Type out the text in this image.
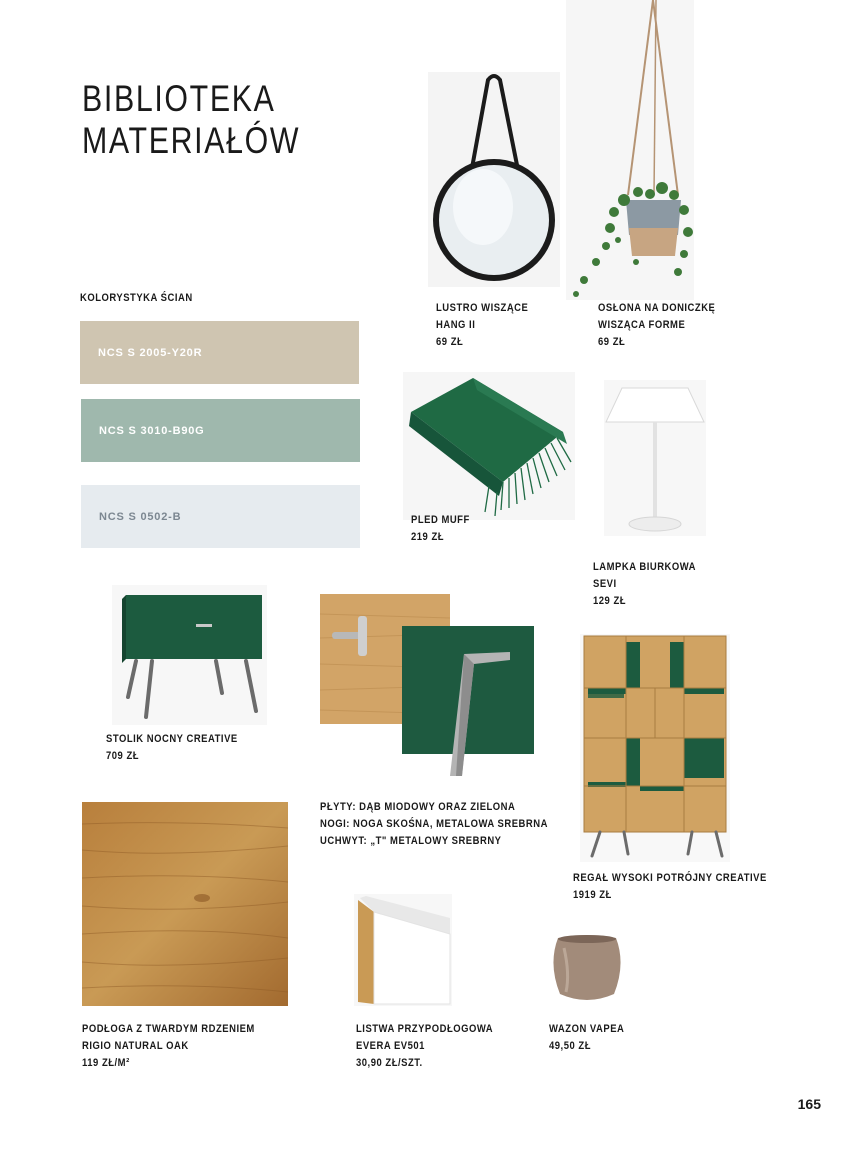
BIBLIOTEKA
MATERIAŁÓW
KOLORYSTYKA ŚCIAN
NCS S 2005-Y20R
NCS S 3010-B90G
NCS S 0502-B
LUSTRO WISZĄCE
HANG II
69 ZŁ
OSŁONA NA DONICZKĘ
WISZĄCA FORME
69 ZŁ
PLED MUFF
219 ZŁ
LAMPKA BIURKOWA
SEVI
129 ZŁ
STOLIK NOCNY CREATIVE
709 ZŁ
PŁYTY: DĄB MIODOWY ORAZ ZIELONA
NOGI: NOGA SKOŚNA, METALOWA SREBRNA
UCHWYT: „T" METALOWY SREBRNY
REGAŁ WYSOKI POTRÓJNY CREATIVE
1919 ZŁ
PODŁOGA Z TWARDYM RDZENIEM
RIGIO NATURAL OAK
119 ZŁ/M²
LISTWA PRZYPODŁOGOWA
EVERA EV501
30,90 ZŁ/SZT.
WAZON VAPEA
49,50 ZŁ
165
